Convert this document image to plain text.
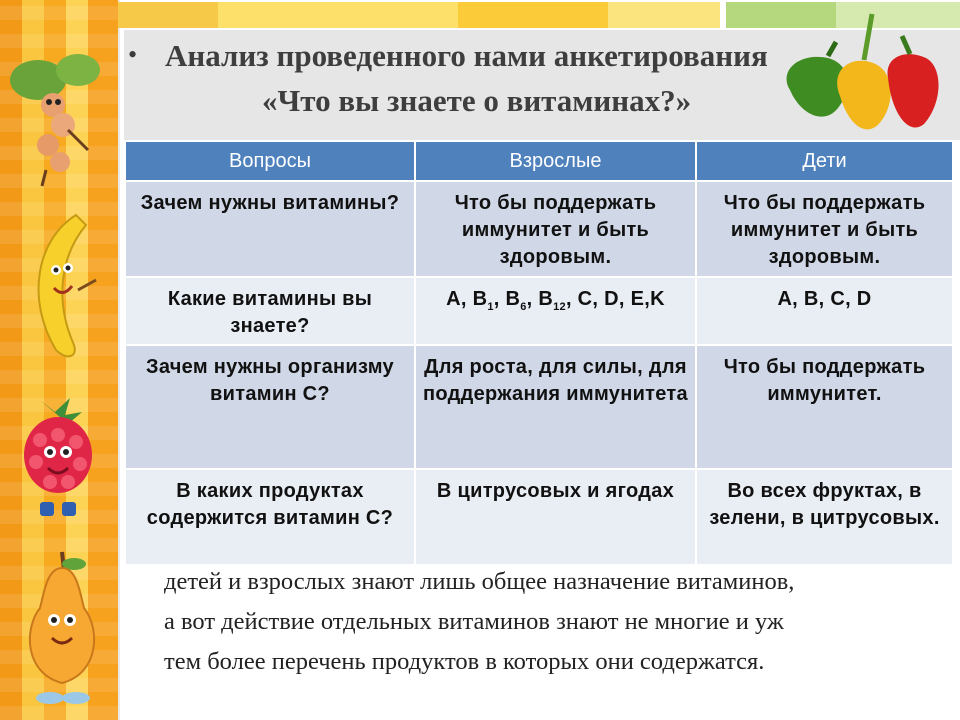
• Анализ проведенного нами анкетирования
«Что вы знаете о витаминах?»
Вопросы	Взрослые	Дети
Зачем нужны витамины?	Что бы поддержать иммунитет и быть здоровым.	Что бы поддержать иммунитет и быть здоровым.
Какие витамины вы знаете?	A, $B_1$, $B_6$, $B_{12}$, C, D, E,K	A, B, C, D
Зачем нужны организму витамин С?	Для роста, для силы, для поддержания иммунитета	Что бы поддержать иммунитет.
В каких продуктах содержится витамин С?	В цитрусовых и ягодах	Во всех фруктах, в зелени, в цитрусовых.
детей и взрослых знают лишь общее назначение витаминов,
а вот действие отдельных витаминов знают не многие и уж
тем более перечень продуктов в которых они содержатся.
